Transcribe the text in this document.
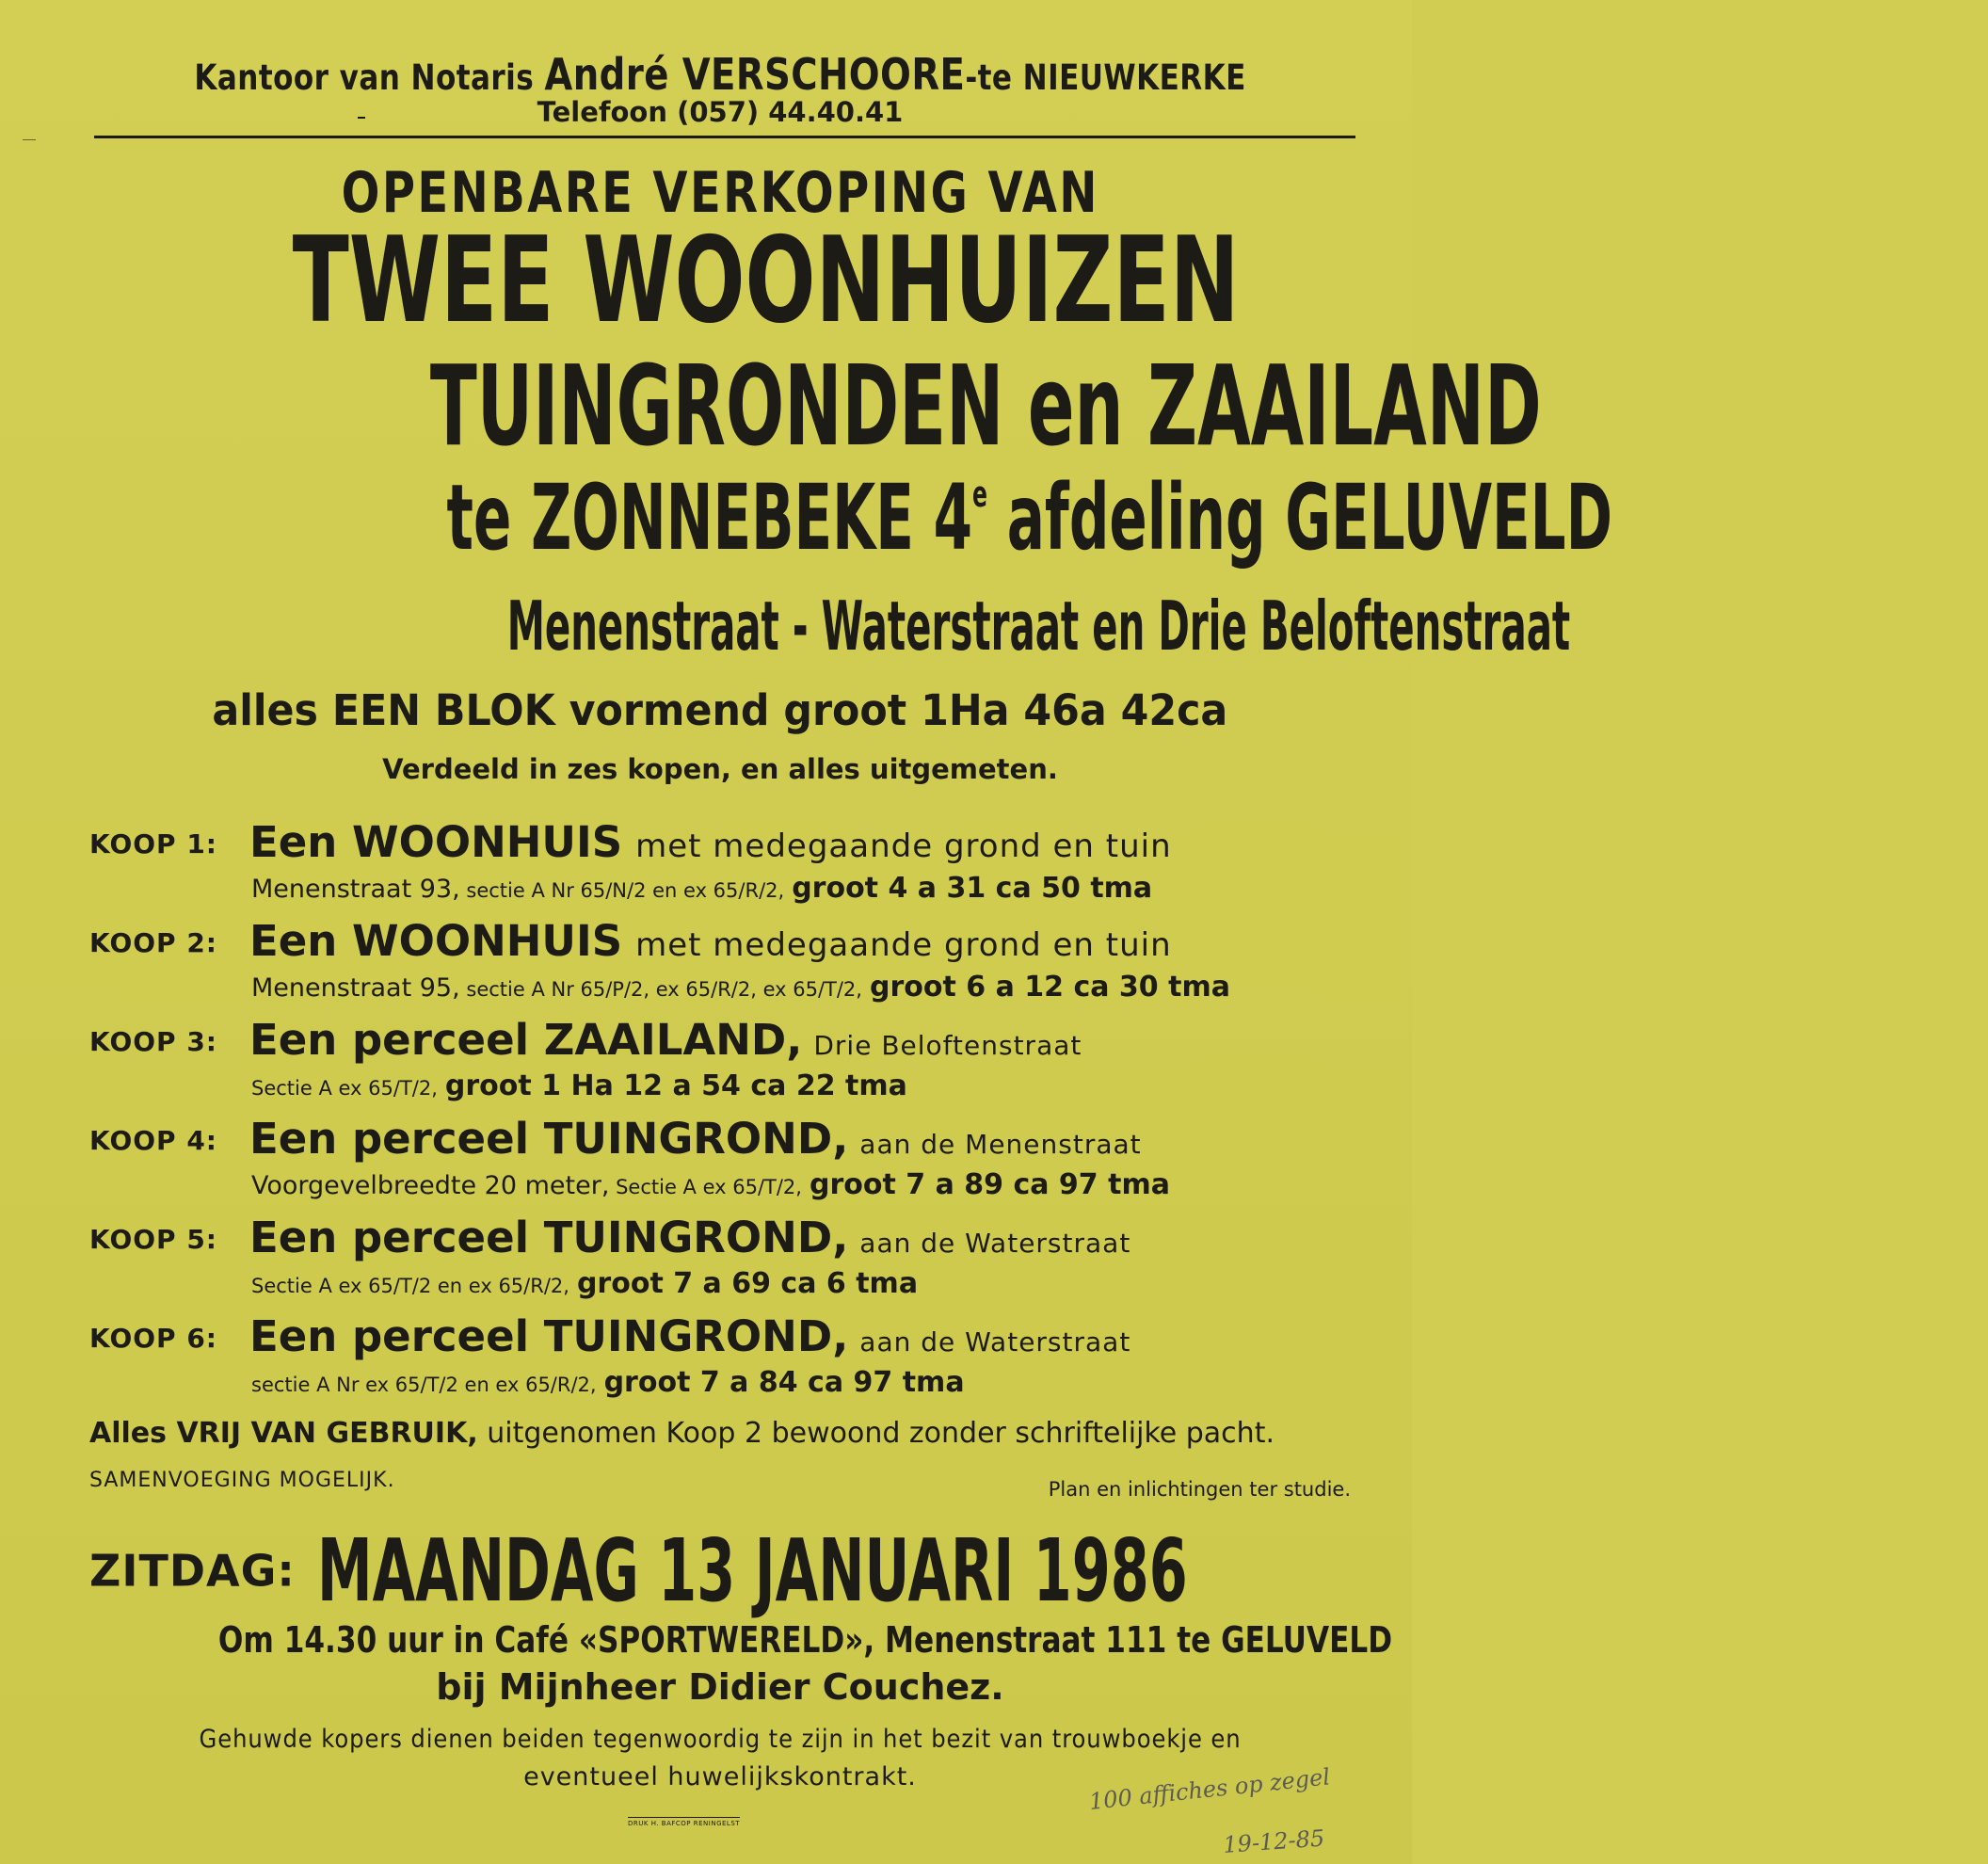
Kantoor van Notaris André VERSCHOORE-te NIEUWKERKE
Telefoon (057) 44.40.41
OPENBARE VERKOPING VAN
TWEE WOONHUIZEN
TUINGRONDEN en ZAAILAND
te ZONNEBEKE 4e afdeling GELUVELD
Menenstraat - Waterstraat en Drie Beloftenstraat
alles EEN BLOK vormend groot 1Ha 46a 42ca
Verdeeld in zes kopen, en alles uitgemeten.
KOOP 1: Een WOONHUIS met medegaande grond en tuin
Menenstraat 93, sectie A Nr 65/N/2 en ex 65/R/2, groot 4 a 31 ca 50 tma
KOOP 2: Een WOONHUIS met medegaande grond en tuin
Menenstraat 95, sectie A Nr 65/P/2, ex 65/R/2, ex 65/T/2, groot 6 a 12 ca 30 tma
KOOP 3: Een perceel ZAAILAND, Drie Beloftenstraat
Sectie A ex 65/T/2, groot 1 Ha 12 a 54 ca 22 tma
KOOP 4: Een perceel TUINGROND, aan de Menenstraat
Voorgevelbreedte 20 meter, Sectie A ex 65/T/2, groot 7 a 89 ca 97 tma
KOOP 5: Een perceel TUINGROND, aan de Waterstraat
Sectie A ex 65/T/2 en ex 65/R/2, groot 7 a 69 ca 6 tma
KOOP 6: Een perceel TUINGROND, aan de Waterstraat
sectie A Nr ex 65/T/2 en ex 65/R/2, groot 7 a 84 ca 97 tma
Alles VRIJ VAN GEBRUIK, uitgenomen Koop 2 bewoond zonder schriftelijke pacht.
SAMENVOEGING MOGELIJK.	Plan en inlichtingen ter studie.
ZITDAG: MAANDAG 13 JANUARI 1986
Om 14.30 uur in Café «SPORTWERELD», Menenstraat 111 te GELUVELD
bij Mijnheer Didier Couchez.
Gehuwde kopers dienen beiden tegenwoordig te zijn in het bezit van trouwboekje en
eventueel huwelijkskontrakt.
DRUK H. BAFCOP RENINGELST
100 affiches op zegel
19-12-85
